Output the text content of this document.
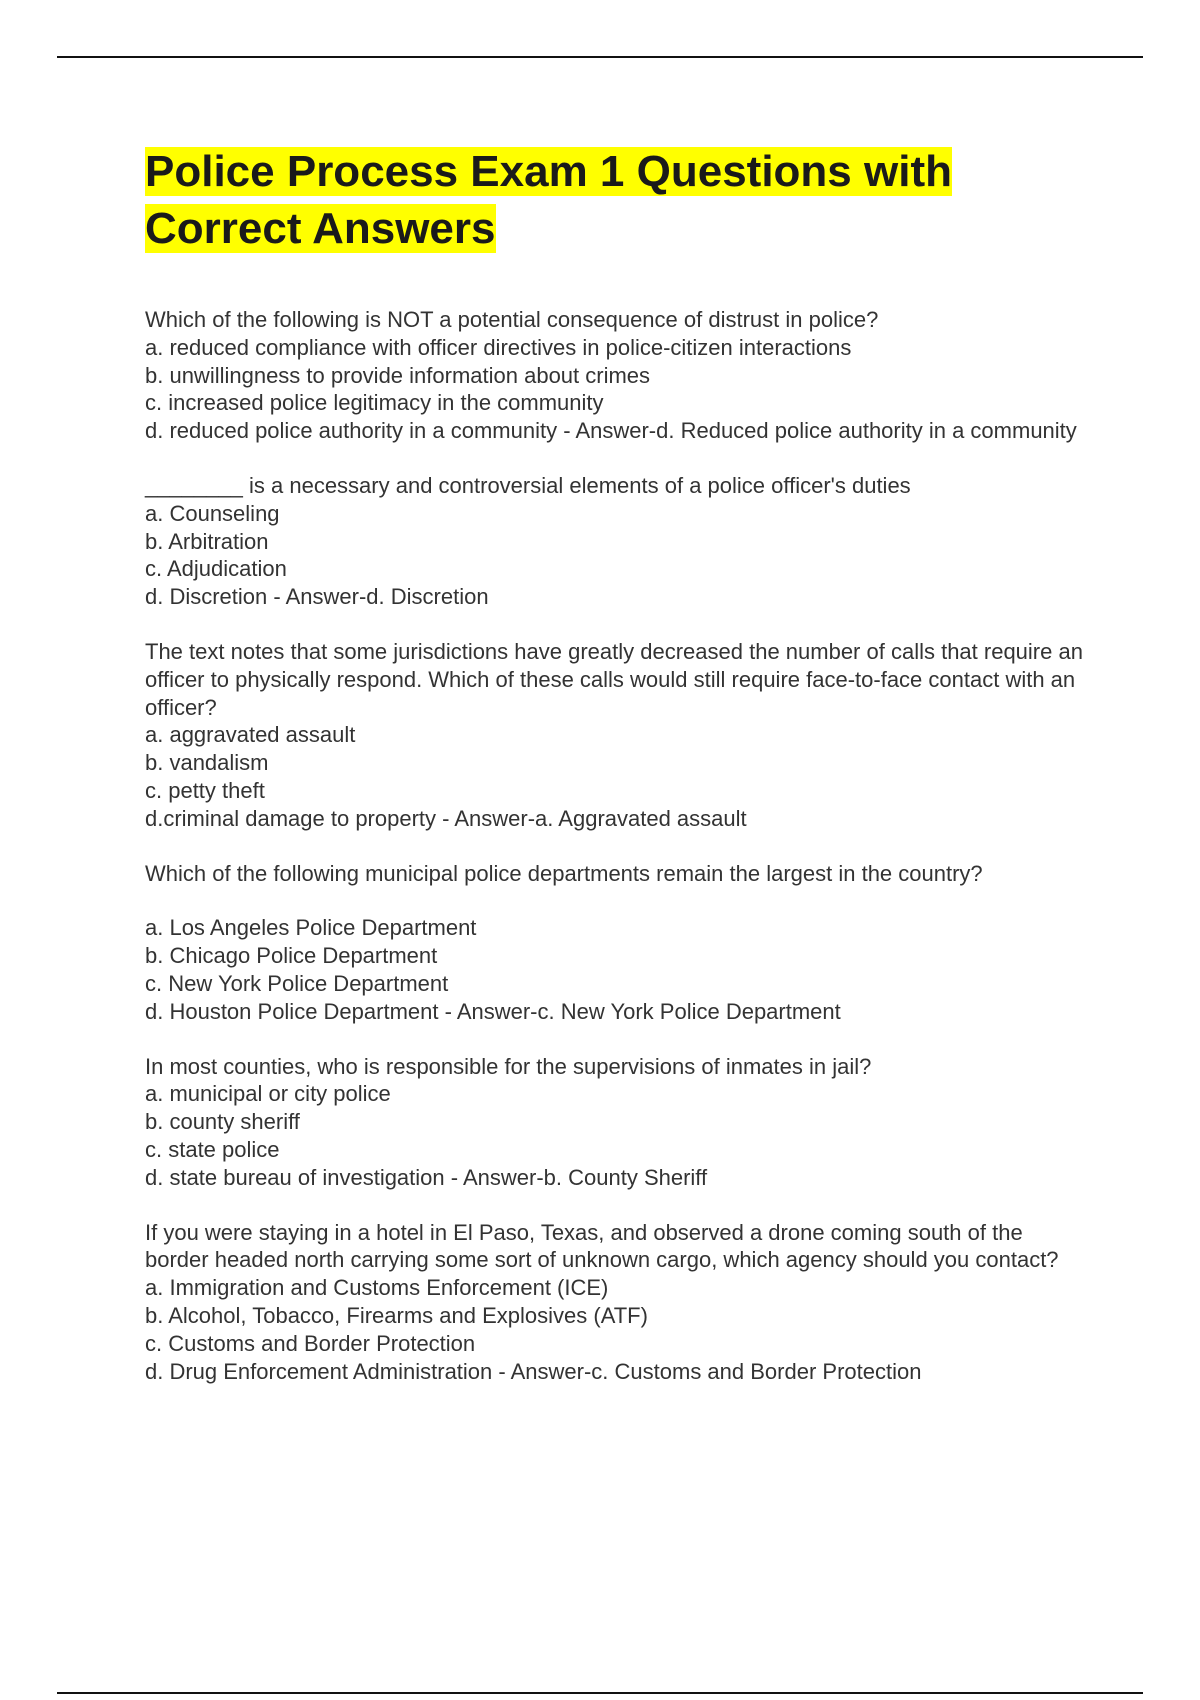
Police Process Exam 1 Questions with Correct Answers
Which of the following is NOT a potential consequence of distrust in police?
a. reduced compliance with officer directives in police-citizen interactions
b. unwillingness to provide information about crimes
c. increased police legitimacy in the community
d. reduced police authority in a community - Answer-d. Reduced police authority in a community
________ is a necessary and controversial elements of a police officer's duties
a. Counseling
b. Arbitration
c. Adjudication
d. Discretion - Answer-d. Discretion
The text notes that some jurisdictions have greatly decreased the number of calls that require an officer to physically respond. Which of these calls would still require face-to-face contact with an officer?
a. aggravated assault
b. vandalism
c. petty theft
d.criminal damage to property - Answer-a. Aggravated assault
Which of the following municipal police departments remain the largest in the country?
a. Los Angeles Police Department
b. Chicago Police Department
c. New York Police Department
d. Houston Police Department - Answer-c. New York Police Department
In most counties, who is responsible for the supervisions of inmates in jail?
a. municipal or city police
b. county sheriff
c. state police
d. state bureau of investigation - Answer-b. County Sheriff
If you were staying in a hotel in El Paso, Texas, and observed a drone coming south of the border headed north carrying some sort of unknown cargo, which agency should you contact?
a. Immigration and Customs Enforcement (ICE)
b. Alcohol, Tobacco, Firearms and Explosives (ATF)
c. Customs and Border Protection
d. Drug Enforcement Administration - Answer-c. Customs and Border Protection
